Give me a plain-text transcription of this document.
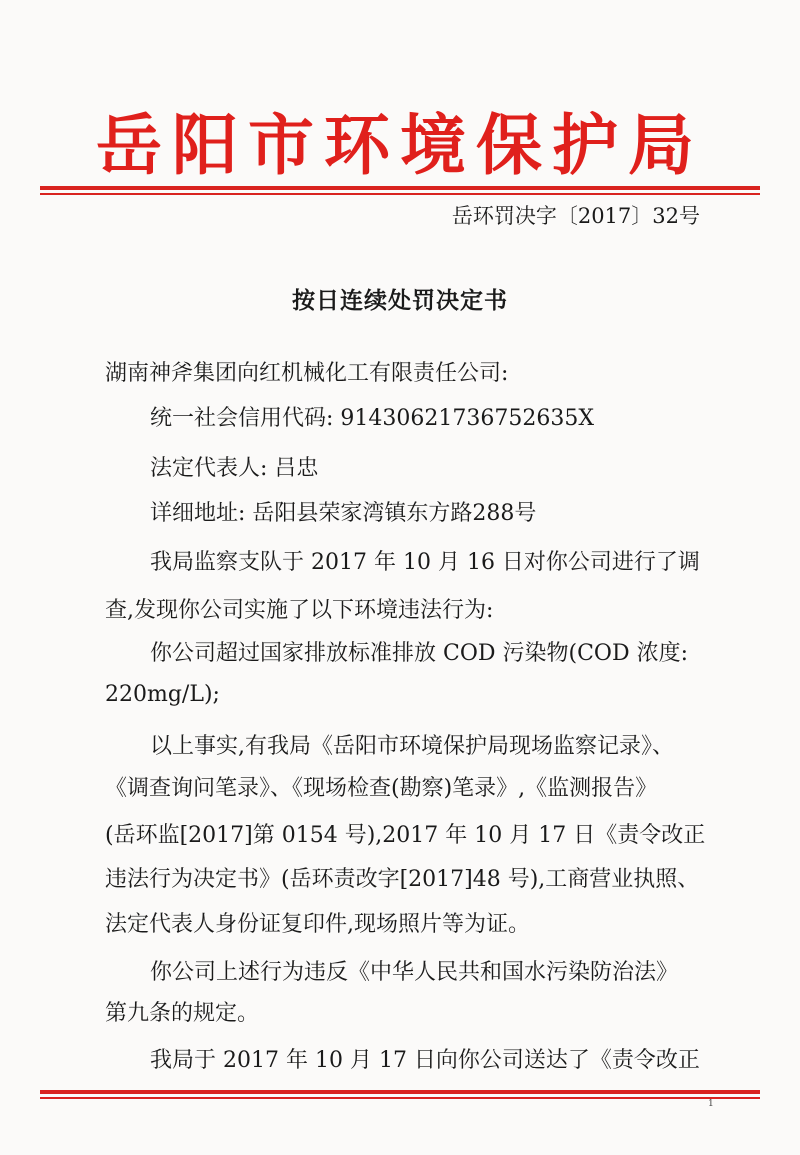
岳阳市环境保护局
岳环罚决字〔2017〕32号
按日连续处罚决定书
湖南神斧集团向红机械化工有限责任公司:
统一社会信用代码: 91430621736752635X
法定代表人: 吕忠
详细地址: 岳阳县荣家湾镇东方路288号
我局监察支队于 2017 年 10 月 16 日对你公司进行了调
查,发现你公司实施了以下环境违法行为:
你公司超过国家排放标准排放 COD 污染物(COD 浓度:
220mg/L);
以上事实,有我局《岳阳市环境保护局现场监察记录》、
《调查询问笔录》、《现场检查(勘察)笔录》,《监测报告》
(岳环监[2017]第 0154 号),2017 年 10 月 17 日《责令改正
违法行为决定书》(岳环责改字[2017]48 号),工商营业执照、
法定代表人身份证复印件,现场照片等为证。
你公司上述行为违反《中华人民共和国水污染防治法》
第九条的规定。
我局于 2017 年 10 月 17 日向你公司送达了《责令改正
1
